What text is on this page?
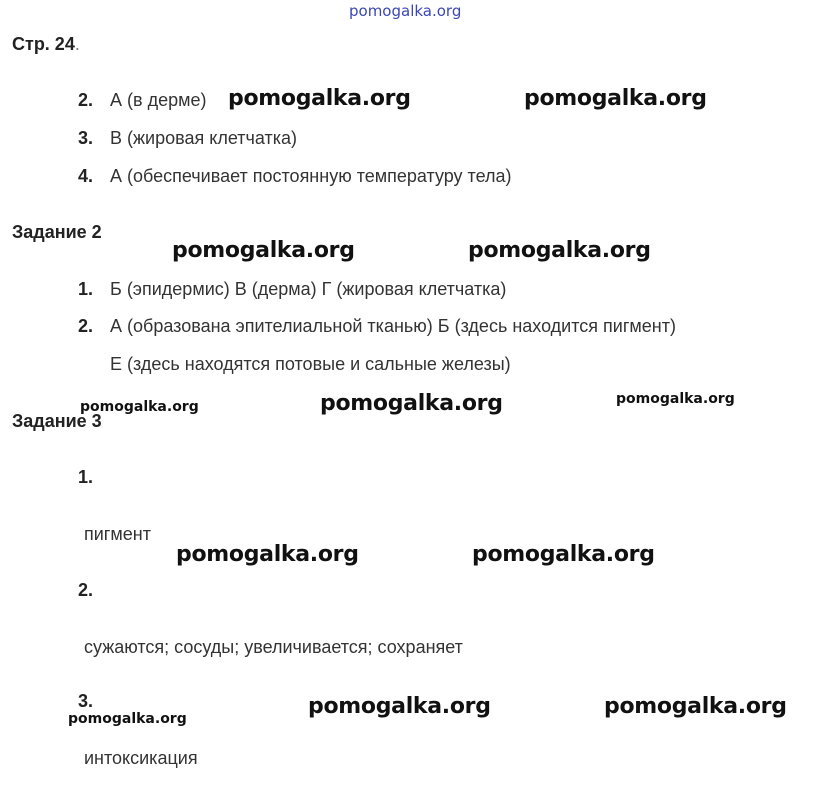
pomogalka.org
Стр. 24.
2. А (в дерме)
3. В (жировая клетчатка)
4. А (обеспечивает постоянную температуру тела)
Задание 2
1. Б (эпидермис) В (дерма) Г (жировая клетчатка)
2. А (образована эпителиальной тканью) Б (здесь находится пигмент)
Е (здесь находятся потовые и сальные железы)
Задание 3
1.
пигмент
2.
сужаются; сосуды; увеличивается; сохраняет
3.
интоксикация
pomogalka.org	pomogalka.org
pomogalka.org	pomogalka.org
pomogalka.org	pomogalka.org	pomogalka.org
pomogalka.org	pomogalka.org
pomogalka.org	pomogalka.org	pomogalka.org
